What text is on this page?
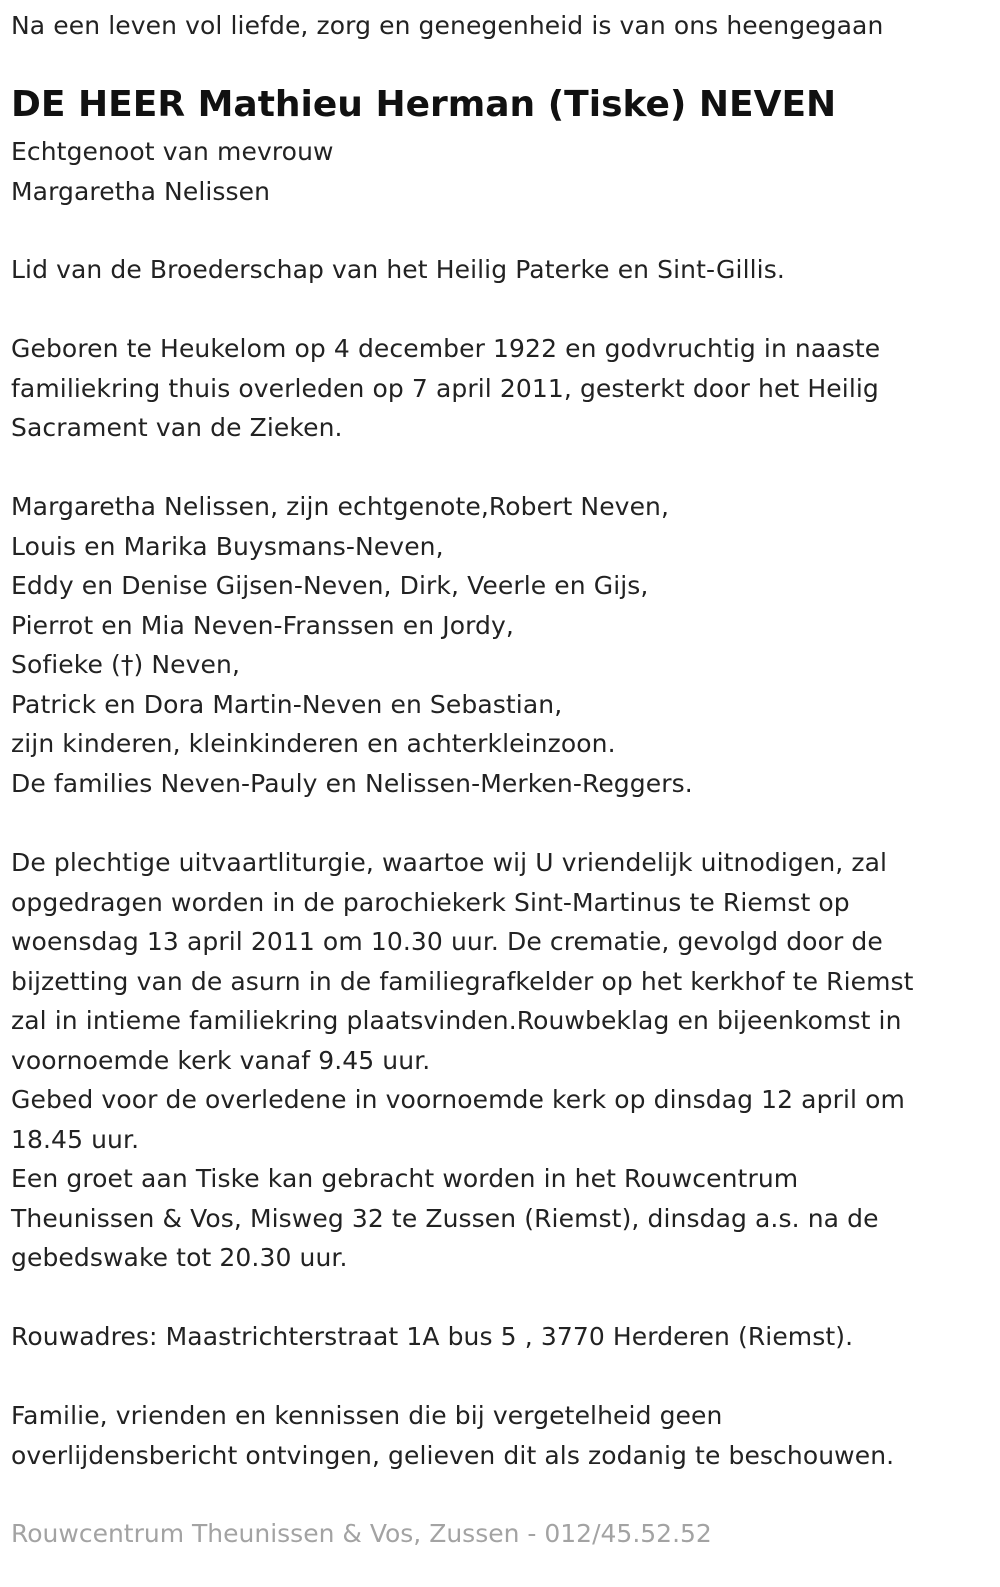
Na een leven vol liefde, zorg en genegenheid is van ons heengegaan
DE HEER Mathieu Herman (Tiske) NEVEN
Echtgenoot van mevrouw
Margaretha Nelissen
Lid van de Broederschap van het Heilig Paterke en Sint-Gillis.
Geboren te Heukelom op 4 december 1922 en godvruchtig in naaste
familiekring thuis overleden op 7 april 2011, gesterkt door het Heilig
Sacrament van de Zieken.
Margaretha Nelissen, zijn echtgenote,Robert Neven,
Louis en Marika Buysmans-Neven,
Eddy en Denise Gijsen-Neven, Dirk, Veerle en Gijs,
Pierrot en Mia Neven-Franssen en Jordy,
Sofieke (†) Neven,
Patrick en Dora Martin-Neven en Sebastian,
zijn kinderen, kleinkinderen en achterkleinzoon.
De families Neven-Pauly en Nelissen-Merken-Reggers.
De plechtige uitvaartliturgie, waartoe wij U vriendelijk uitnodigen, zal
opgedragen worden in de parochiekerk Sint-Martinus te Riemst op
woensdag 13 april 2011 om 10.30 uur. De crematie, gevolgd door de
bijzetting van de asurn in de familiegrafkelder op het kerkhof te Riemst
zal in intieme familiekring plaatsvinden.Rouwbeklag en bijeenkomst in
voornoemde kerk vanaf 9.45 uur.
Gebed voor de overledene in voornoemde kerk op dinsdag 12 april om
18.45 uur.
Een groet aan Tiske kan gebracht worden in het Rouwcentrum
Theunissen & Vos, Misweg 32 te Zussen (Riemst), dinsdag a.s. na de
gebedswake tot 20.30 uur.
Rouwadres: Maastrichterstraat 1A bus 5 , 3770 Herderen (Riemst).
Familie, vrienden en kennissen die bij vergetelheid geen
overlijdensbericht ontvingen, gelieven dit als zodanig te beschouwen.
Rouwcentrum Theunissen & Vos, Zussen - 012/45.52.52
